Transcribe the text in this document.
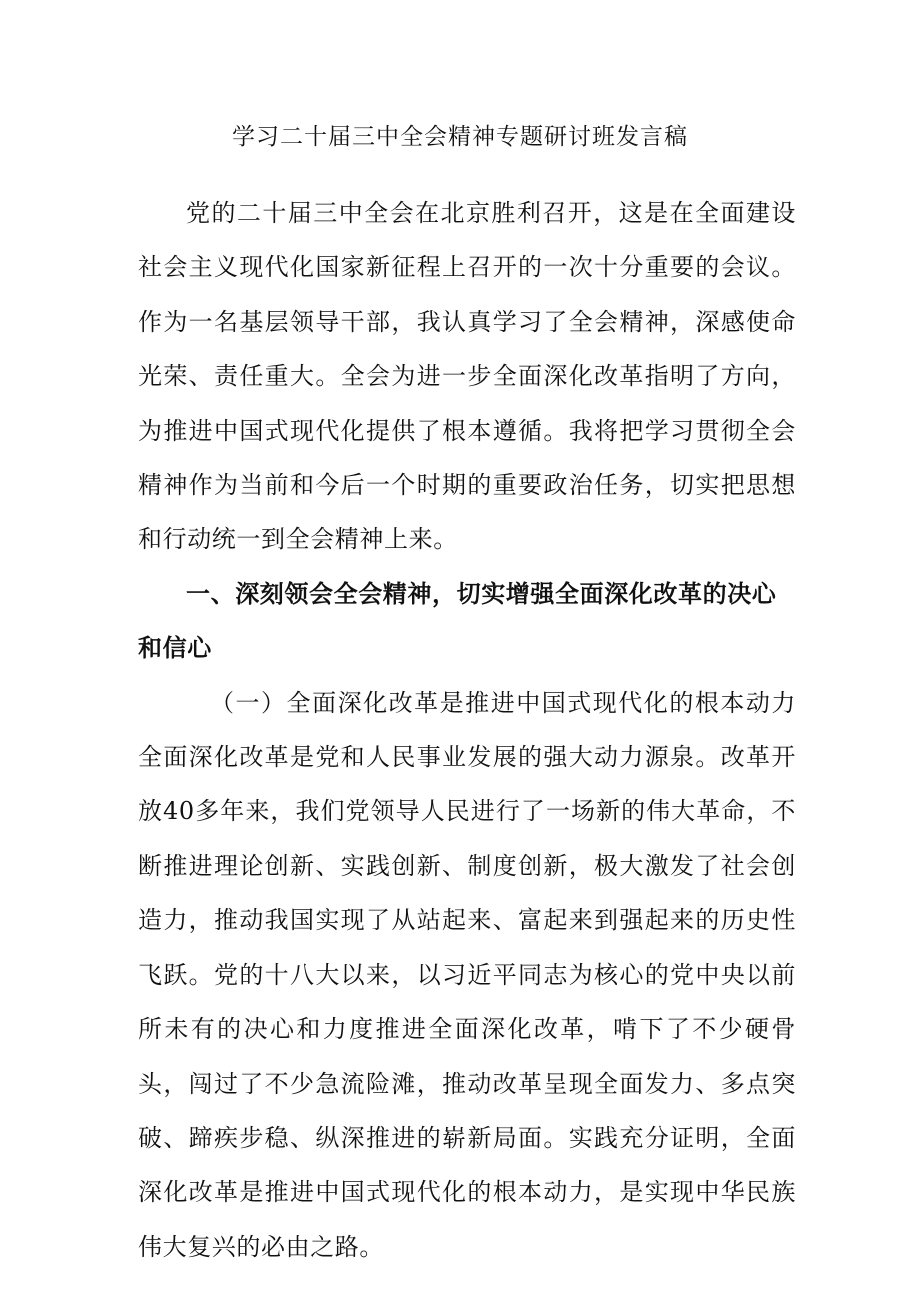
学习二十届三中全会精神专题研讨班发言稿

党的二十届三中全会在北京胜利召开，这是在全面建设社会主义现代化国家新征程上召开的一次十分重要的会议。作为一名基层领导干部，我认真学习了全会精神，深感使命光荣、责任重大。全会为进一步全面深化改革指明了方向，为推进中国式现代化提供了根本遵循。我将把学习贯彻全会精神作为当前和今后一个时期的重要政治任务，切实把思想和行动统一到全会精神上来。

一、深刻领会全会精神，切实增强全面深化改革的决心和信心

（一）全面深化改革是推进中国式现代化的根本动力全面深化改革是党和人民事业发展的强大动力源泉。改革开放40多年来，我们党领导人民进行了一场新的伟大革命，不断推进理论创新、实践创新、制度创新，极大激发了社会创造力，推动我国实现了从站起来、富起来到强起来的历史性飞跃。党的十八大以来，以习近平同志为核心的党中央以前所未有的决心和力度推进全面深化改革，啃下了不少硬骨头，闯过了不少急流险滩，推动改革呈现全面发力、多点突破、蹄疾步稳、纵深推进的崭新局面。实践充分证明，全面深化改革是推进中国式现代化的根本动力，是实现中华民族伟大复兴的必由之路。
